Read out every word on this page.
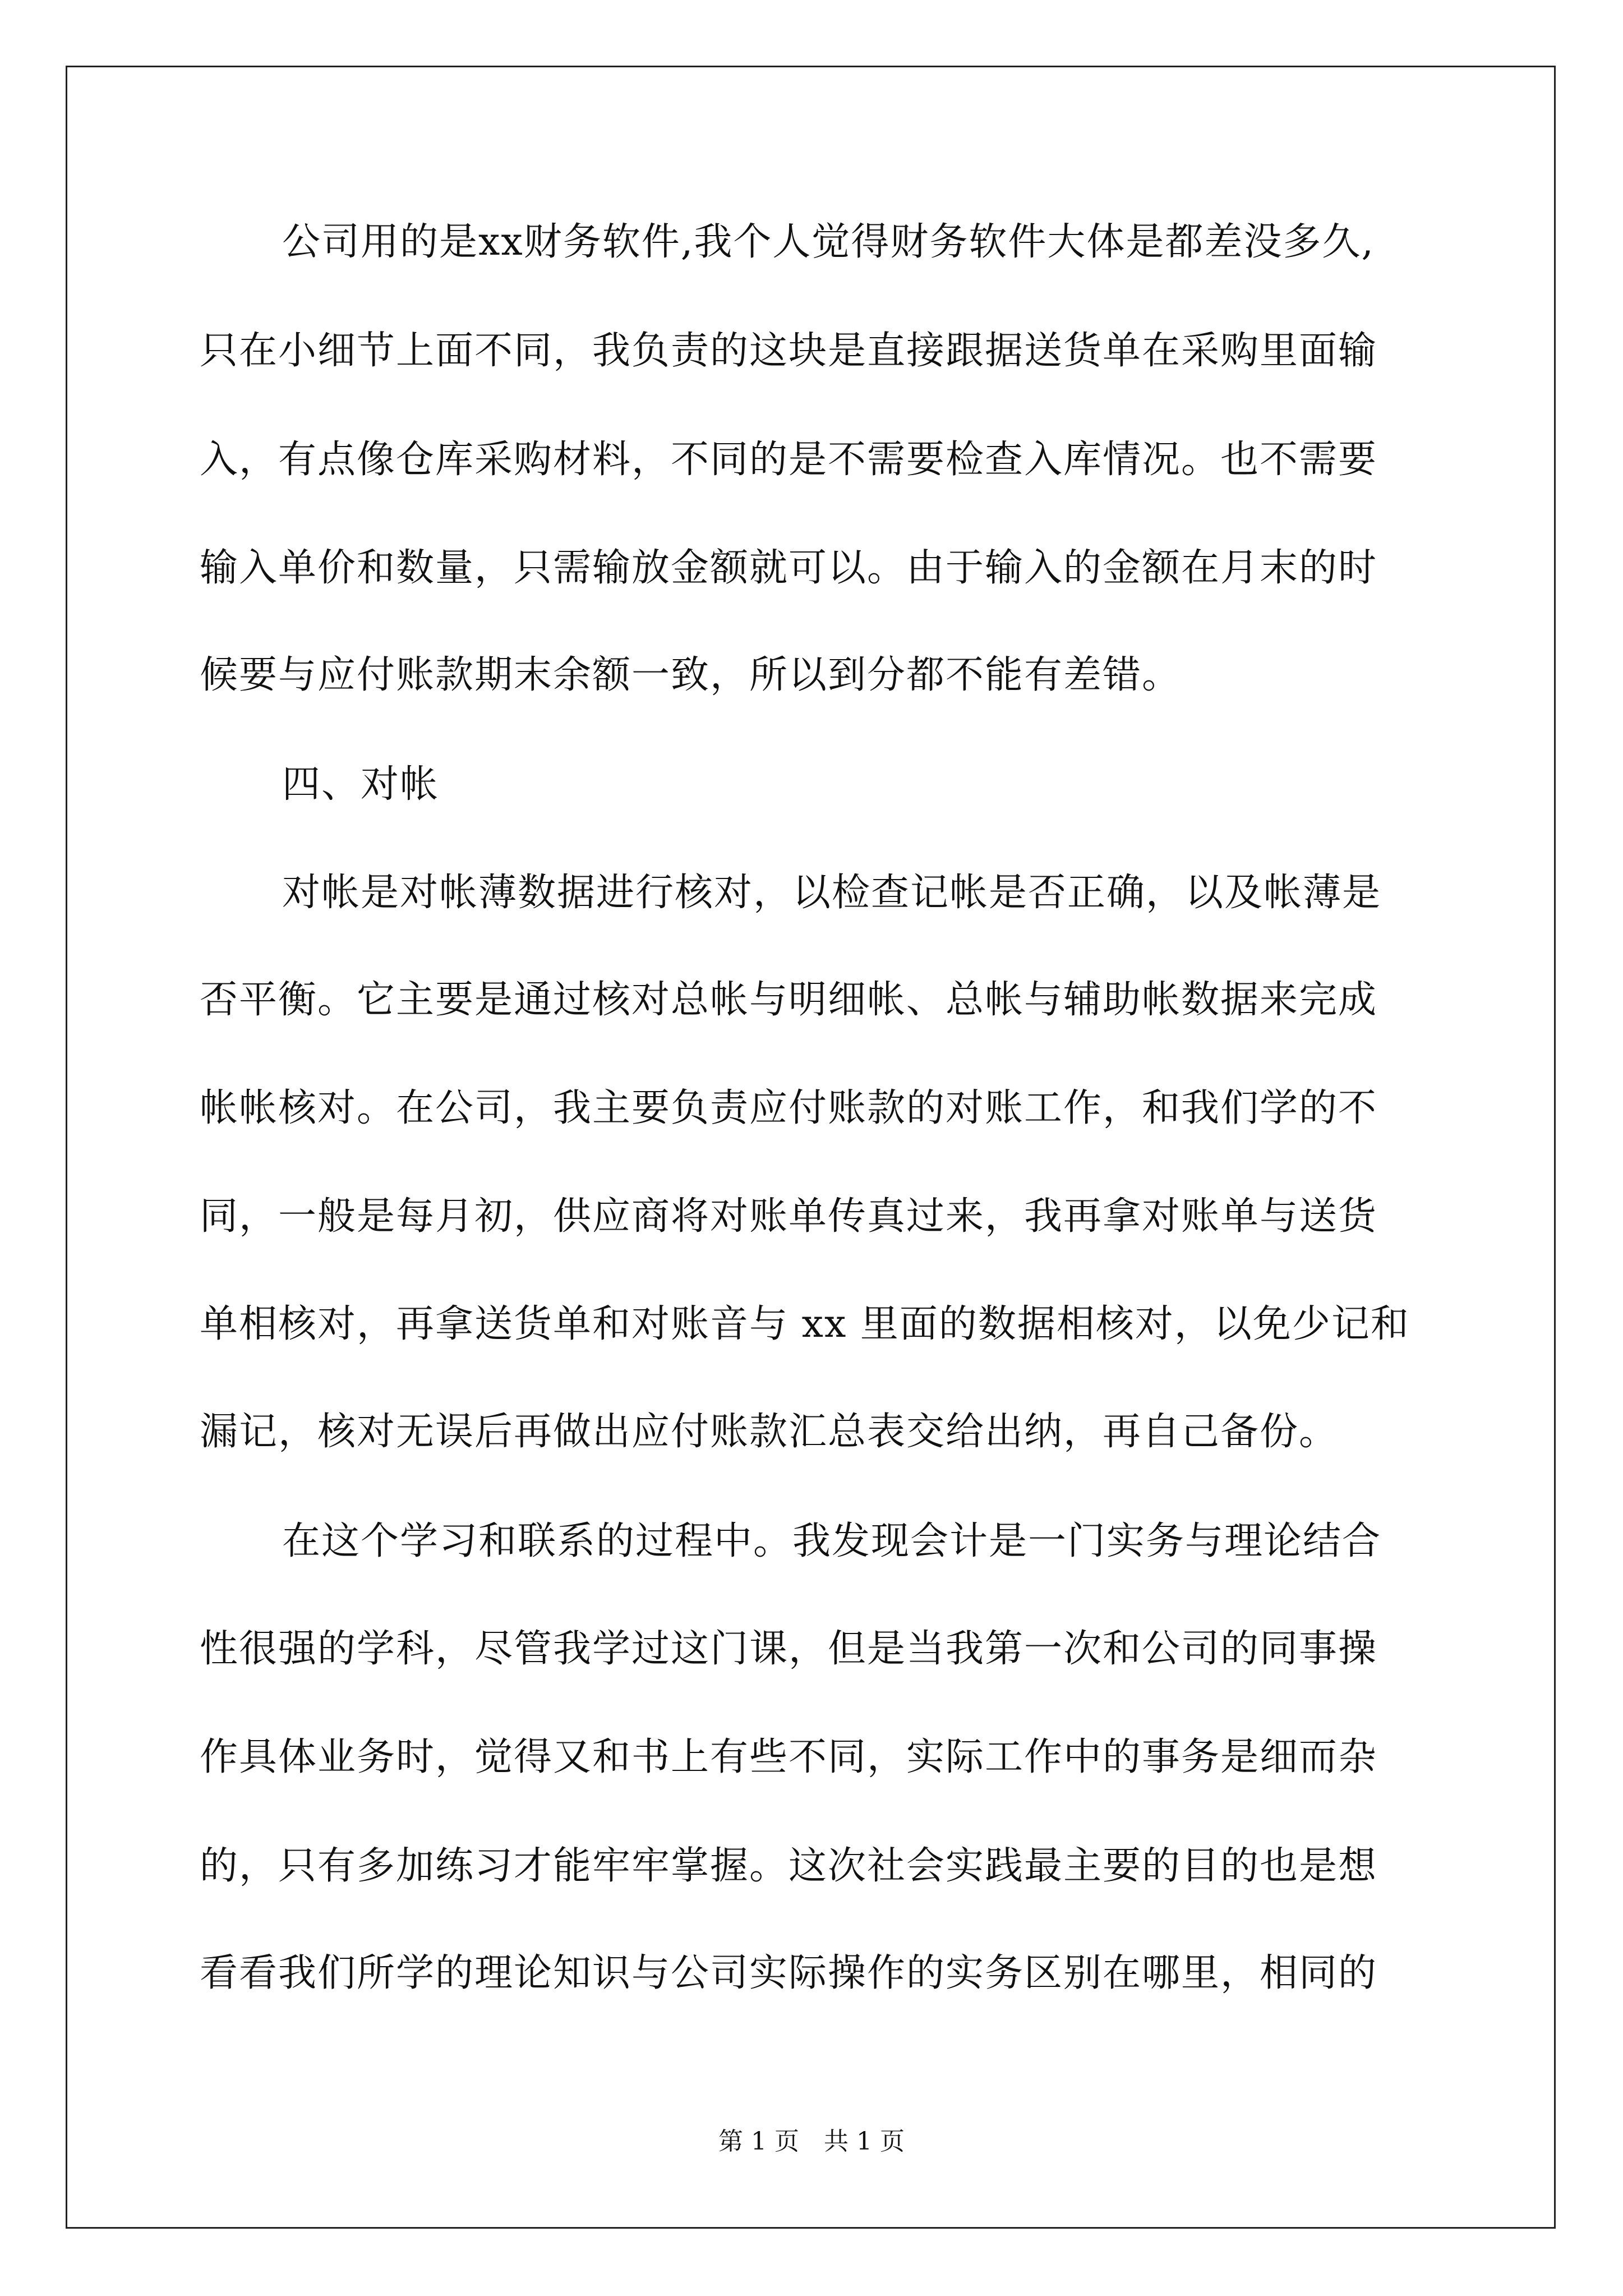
公司用的是xx财务软件,我个人觉得财务软件大体是都差没多久,
只在小细节上面不同，我负责的这块是直接跟据送货单在采购里面输
入，有点像仓库采购材料，不同的是不需要检查入库情况。也不需要
输入单价和数量，只需输放金额就可以。由于输入的金额在月末的时
候要与应付账款期末余额一致，所以到分都不能有差错。
四、对帐
对帐是对帐薄数据进行核对，以检查记帐是否正确，以及帐薄是
否平衡。它主要是通过核对总帐与明细帐、总帐与辅助帐数据来完成
帐帐核对。在公司，我主要负责应付账款的对账工作，和我们学的不
同，一般是每月初，供应商将对账单传真过来，我再拿对账单与送货
单相核对，再拿送货单和对账音与 xx 里面的数据相核对，以免少记和
漏记，核对无误后再做出应付账款汇总表交给出纳，再自己备份。
在这个学习和联系的过程中。我发现会计是一门实务与理论结合
性很强的学科，尽管我学过这门课，但是当我第一次和公司的同事操
作具体业务时，觉得又和书上有些不同，实际工作中的事务是细而杂
的，只有多加练习才能牢牢掌握。这次社会实践最主要的目的也是想
看看我们所学的理论知识与公司实际操作的实务区别在哪里，相同的
第 1 页　共 1 页
